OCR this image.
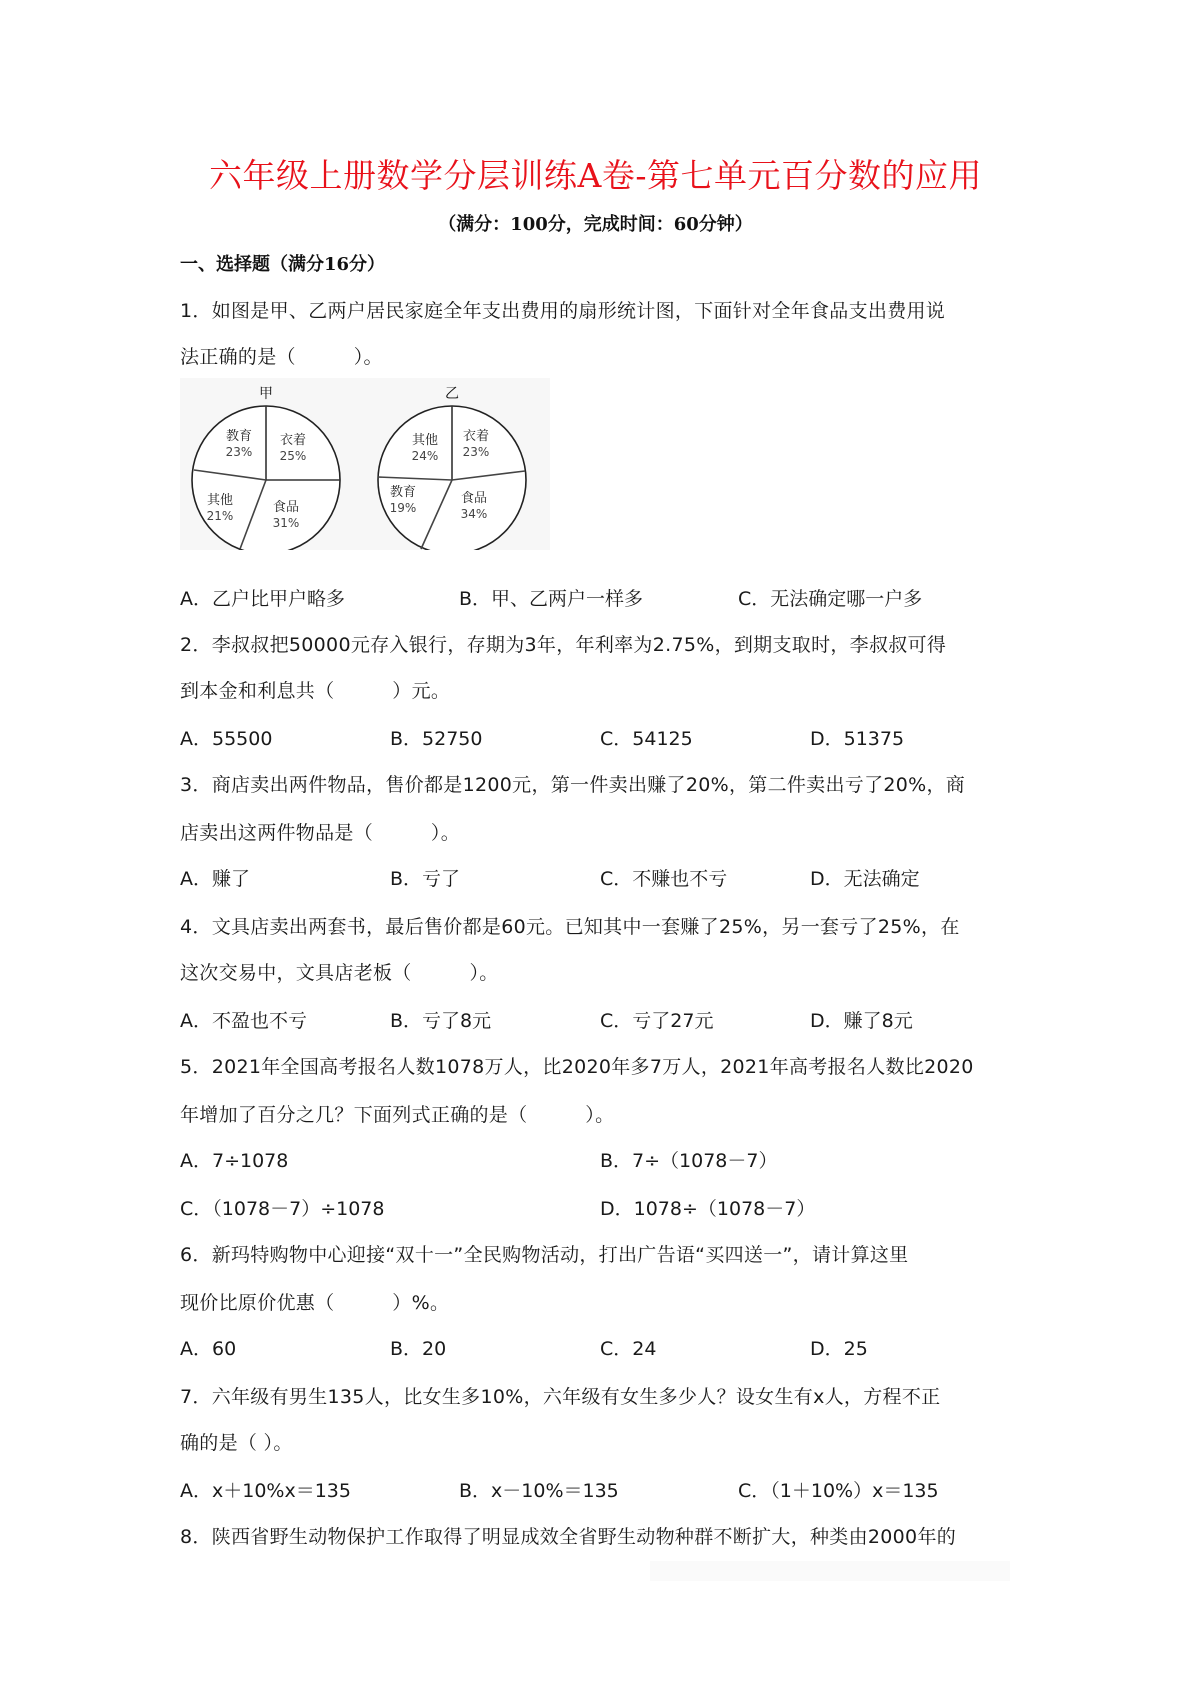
六年级上册数学分层训练A卷-第七单元百分数的应用
（满分：100分，完成时间：60分钟）
一、选择题（满分16分）
1．如图是甲、乙两户居民家庭全年支出费用的扇形统计图，下面针对全年食品支出费用说
法正确的是（　　　）。
甲
衣着
25%
食品
31%
其他
21%
教育
23%
乙
衣着
23%
食品
34%
教育
19%
其他
24%
A．乙户比甲户略多	B．甲、乙两户一样多	C．无法确定哪一户多
2．李叔叔把50000元存入银行，存期为3年，年利率为2.75%，到期支取时，李叔叔可得
到本金和利息共（　　　）元。
A．55500	B．52750	C．54125	D．51375
3．商店卖出两件物品，售价都是1200元，第一件卖出赚了20%，第二件卖出亏了20%，商
店卖出这两件物品是（　　　）。
A．赚了	B．亏了	C．不赚也不亏	D．无法确定
4．文具店卖出两套书，最后售价都是60元。已知其中一套赚了25%，另一套亏了25%，在
这次交易中，文具店老板（　　　）。
A．不盈也不亏	B．亏了8元	C．亏了27元	D．赚了8元
5．2021年全国高考报名人数1078万人，比2020年多7万人，2021年高考报名人数比2020
年增加了百分之几？下面列式正确的是（　　　）。
A．7÷1078	B．7÷（1078－7）
C．（1078－7）÷1078	D．1078÷（1078－7）
6．新玛特购物中心迎接“双十一”全民购物活动，打出广告语“买四送一”，请计算这里
现价比原价优惠（　　　）%。
A．60	B．20	C．24	D．25
7．六年级有男生135人，比女生多10%，六年级有女生多少人？设女生有x人，方程不正
确的是（ ）。
A．x＋10%x＝135	B．x－10%＝135	C．（1＋10%）x＝135
8．陕西省野生动物保护工作取得了明显成效全省野生动物种群不断扩大，种类由2000年的
